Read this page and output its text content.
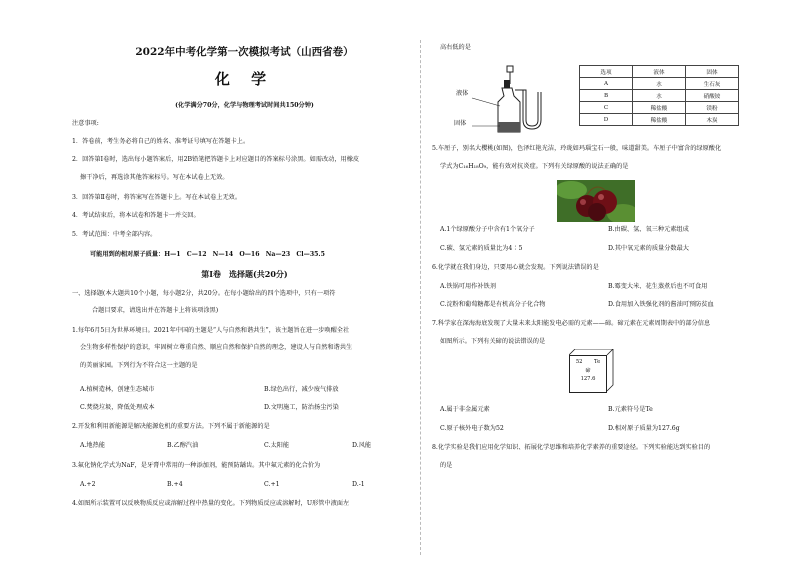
2022年中考化学第一次模拟考试（山西省卷）
化 学
(化学满分70分，化学与物理考试时间共150分钟)
注意事项:
1．答卷前，考生务必将自己的姓名、准考证号填写在答题卡上。
2．回答第Ⅰ卷时，选出每小题答案后，用2B铅笔把答题卡上对应题目的答案标号涂黑。如需改动，用橡皮
擦干净后，再选涂其他答案标号。写在本试卷上无效。
3．回答第Ⅱ卷时，将答案写在答题卡上。写在本试卷上无效。
4．考试结束后，将本试卷和答题卡一并交回。
5．考试范围：中考全部内容。
可能用到的相对原子质量：H—1　C—12　N—14　O—16　Na—23　Cl—35.5
第Ⅰ卷　选择题(共20分)
一、选择题(本大题共10个小题，每小题2分，共20分。在每小题给出的四个选项中，只有一项符
合题目要求，请选出并在答题卡上将该项涂黑)
1.每年6月5日为世界环境日。2021年中国的主题是“人与自然和谐共生”，该主题旨在进一步唤醒全社
会生物多样性保护的意识，牢固树立尊重自然、顺应自然和保护自然的理念，建设人与自然和谐共生
的美丽家园。下列行为不符合这一主题的是
A.植树造林，创建生态城市	B.绿色出行，减少废气排放
C.焚烧垃圾，降低处理成本	D.文明施工，防治扬尘污染
2.开发和利用新能源是解决能源危机的重要方法。下列不属于新能源的是
A.地热能	B.乙醇汽油	C.太阳能	D.风能
3.氟化钠化学式为NaF，是牙膏中常用的一种添加剂，能预防龋齿。其中氟元素的化合价为
A.+2	B.+4	C.+1	D.-1
4.如图所示装置可以反映物质反应或溶解过程中热量的变化。下列物质反应或溶解时，U形管中液面左
高右低的是
液体
固体
选项	液体	固体
A	水	生石灰
B	水	硝酸铵
C	稀盐酸	镁粉
D	稀盐酸	木炭
5.车厘子，别名大樱桃(如图)，色泽红艳光洁，玲珑如玛瑙宝石一般，味道甜美。车厘子中富含的绿原酸化
学式为C₁₆H₁₈O₉，能有效对抗炎症。下列有关绿原酸的说法正确的是
A.1个绿原酸分子中含有1个氧分子	B.由碳、氢、氧三种元素组成
C.碳、氢元素的质量比为4∶5	D.其中氧元素的质量分数最大
6.化学就在我们身边，只要用心就会发现。下列说法错误的是
A.铁锅可用作补铁剂	B.霉变大米、花生蒸煮后也不可食用
C.淀粉和葡萄糖都是有机高分子化合物	D.食用加入铁强化剂的酱油可预防贫血
7.科学家在深海海底发现了大量未来太阳能发电必需的元素——碲。碲元素在元素周期表中的部分信息
如图所示。下列有关碲的说法错误的是
52 Te
碲
127.6
A.属于非金属元素	B.元素符号是Te
C.原子核外电子数为52	D.相对原子质量为127.6g
8.化学实验是我们应用化学知识、拓展化学思维和培养化学素养的重要途径。下列实验能达到实验目的
的是
